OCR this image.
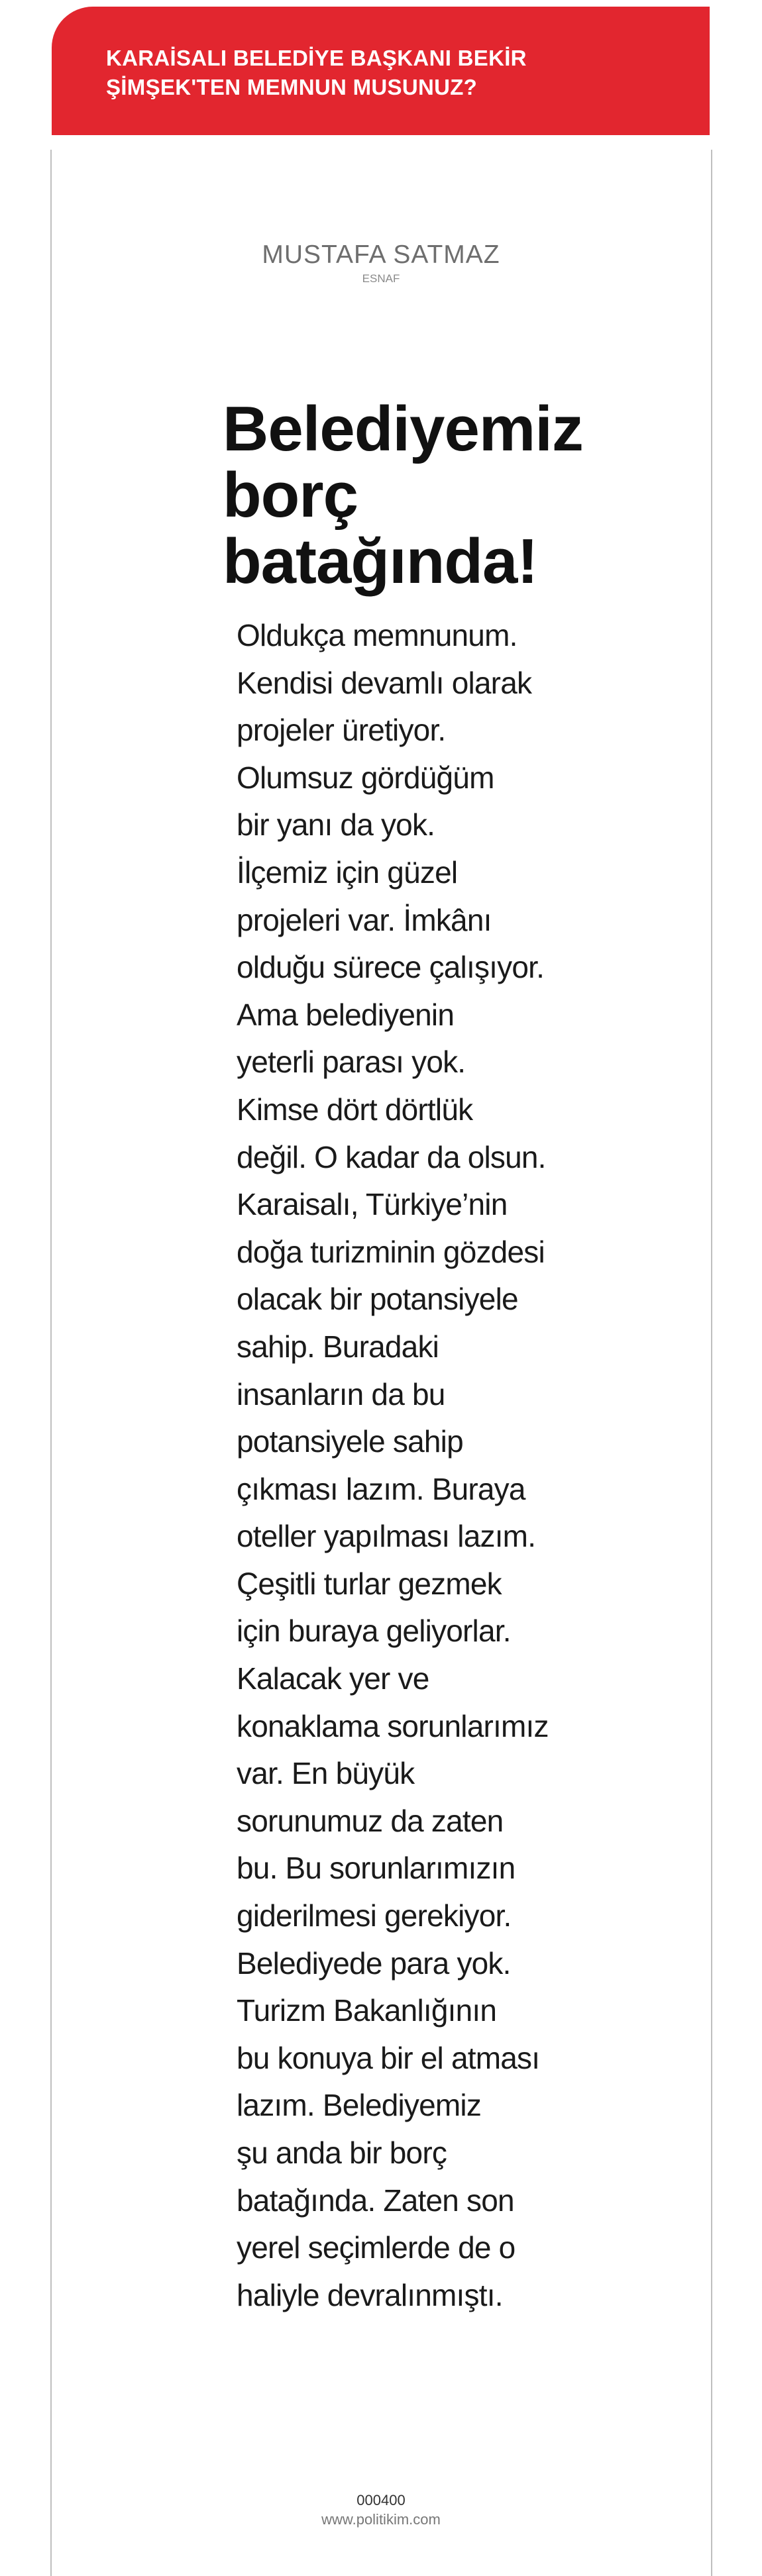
KARAİSALI BELEDİYE BAŞKANI BEKİR
ŞİMŞEK'TEN MEMNUN MUSUNUZ?
MUSTAFA SATMAZ
ESNAF
Belediyemiz
borç
batağında!
Oldukça memnunum.
Kendisi devamlı olarak
projeler üretiyor.
Olumsuz gördüğüm
bir yanı da yok.
İlçemiz için güzel
projeleri var. İmkânı
olduğu sürece çalışıyor.
Ama belediyenin
yeterli parası yok.
Kimse dört dörtlük
değil. O kadar da olsun.
Karaisalı, Türkiye’nin
doğa turizminin gözdesi
olacak bir potansiyele
sahip. Buradaki
insanların da bu
potansiyele sahip
çıkması lazım. Buraya
oteller yapılması lazım.
Çeşitli turlar gezmek
için buraya geliyorlar.
Kalacak yer ve
konaklama sorunlarımız
var. En büyük
sorunumuz da zaten
bu. Bu sorunlarımızın
giderilmesi gerekiyor.
Belediyede para yok.
Turizm Bakanlığının
bu konuya bir el atması
lazım. Belediyemiz
şu anda bir borç
batağında. Zaten son
yerel seçimlerde de o
haliyle devralınmıştı.
000400
www.politikim.com
